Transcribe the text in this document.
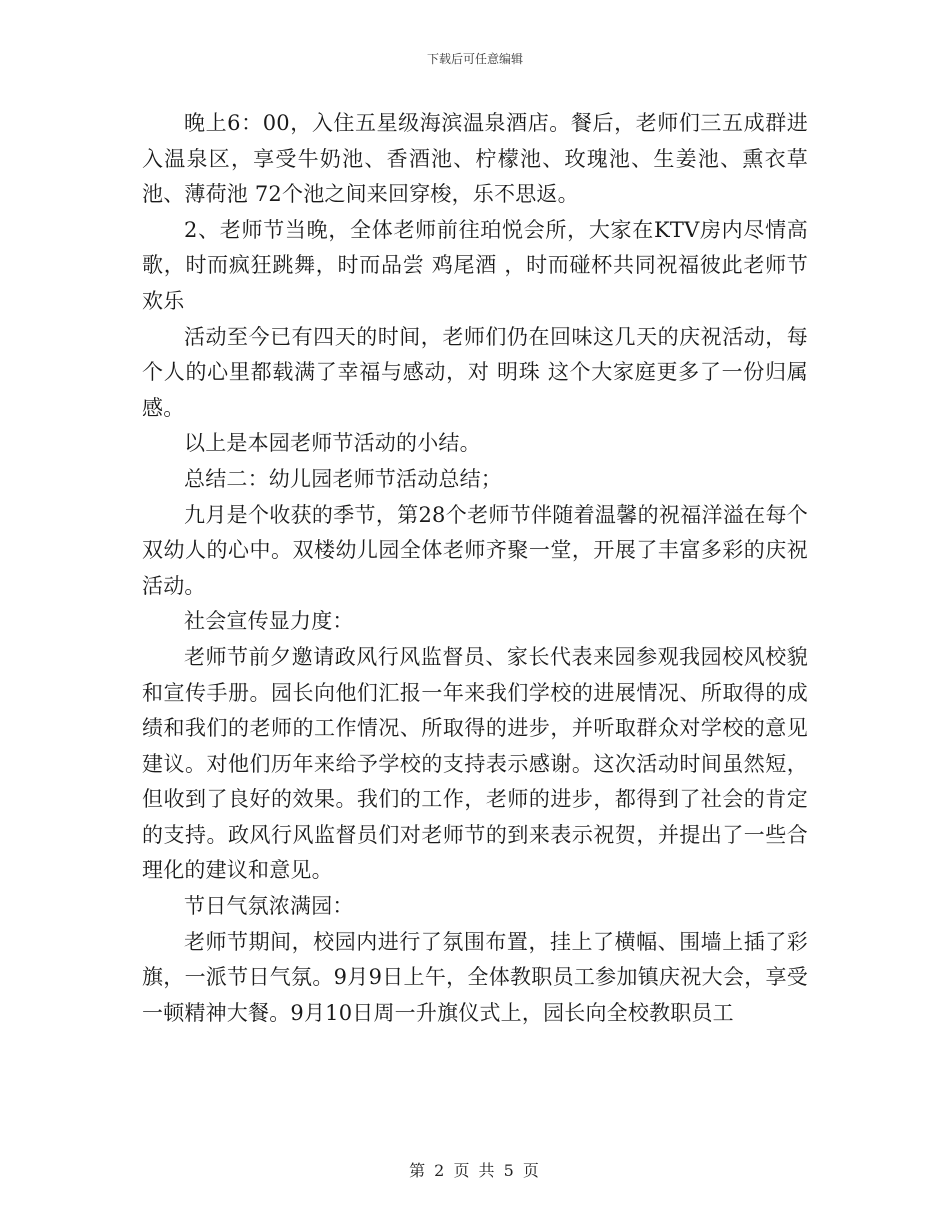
下载后可任意编辑

晚上6：00，入住五星级海滨温泉酒店。餐后，老师们三五成群进入温泉区，享受牛奶池、香酒池、柠檬池、玫瑰池、生姜池、熏衣草池、薄荷池 72个池之间来回穿梭，乐不思返。

2、老师节当晚，全体老师前往珀悦会所，大家在KTV房内尽情高歌，时而疯狂跳舞，时而品尝 鸡尾酒 ，时而碰杯共同祝福彼此老师节欢乐

活动至今已有四天的时间，老师们仍在回味这几天的庆祝活动，每个人的心里都载满了幸福与感动，对 明珠 这个大家庭更多了一份归属感。

以上是本园老师节活动的小结。

总结二：幼儿园老师节活动总结；

九月是个收获的季节，第28个老师节伴随着温馨的祝福洋溢在每个双幼人的心中。双楼幼儿园全体老师齐聚一堂，开展了丰富多彩的庆祝活动。

社会宣传显力度：

老师节前夕邀请政风行风监督员、家长代表来园参观我园校风校貌和宣传手册。园长向他们汇报一年来我们学校的进展情况、所取得的成绩和我们的老师的工作情况、所取得的进步，并听取群众对学校的意见建议。对他们历年来给予学校的支持表示感谢。这次活动时间虽然短，但收到了良好的效果。我们的工作，老师的进步，都得到了社会的肯定的支持。政风行风监督员们对老师节的到来表示祝贺，并提出了一些合理化的建议和意见。

节日气氛浓满园：

老师节期间，校园内进行了氛围布置，挂上了横幅、围墙上插了彩旗，一派节日气氛。9月9日上午，全体教职员工参加镇庆祝大会，享受一顿精神大餐。9月10日周一升旗仪式上，园长向全校教职员工

第 2 页 共 5 页
